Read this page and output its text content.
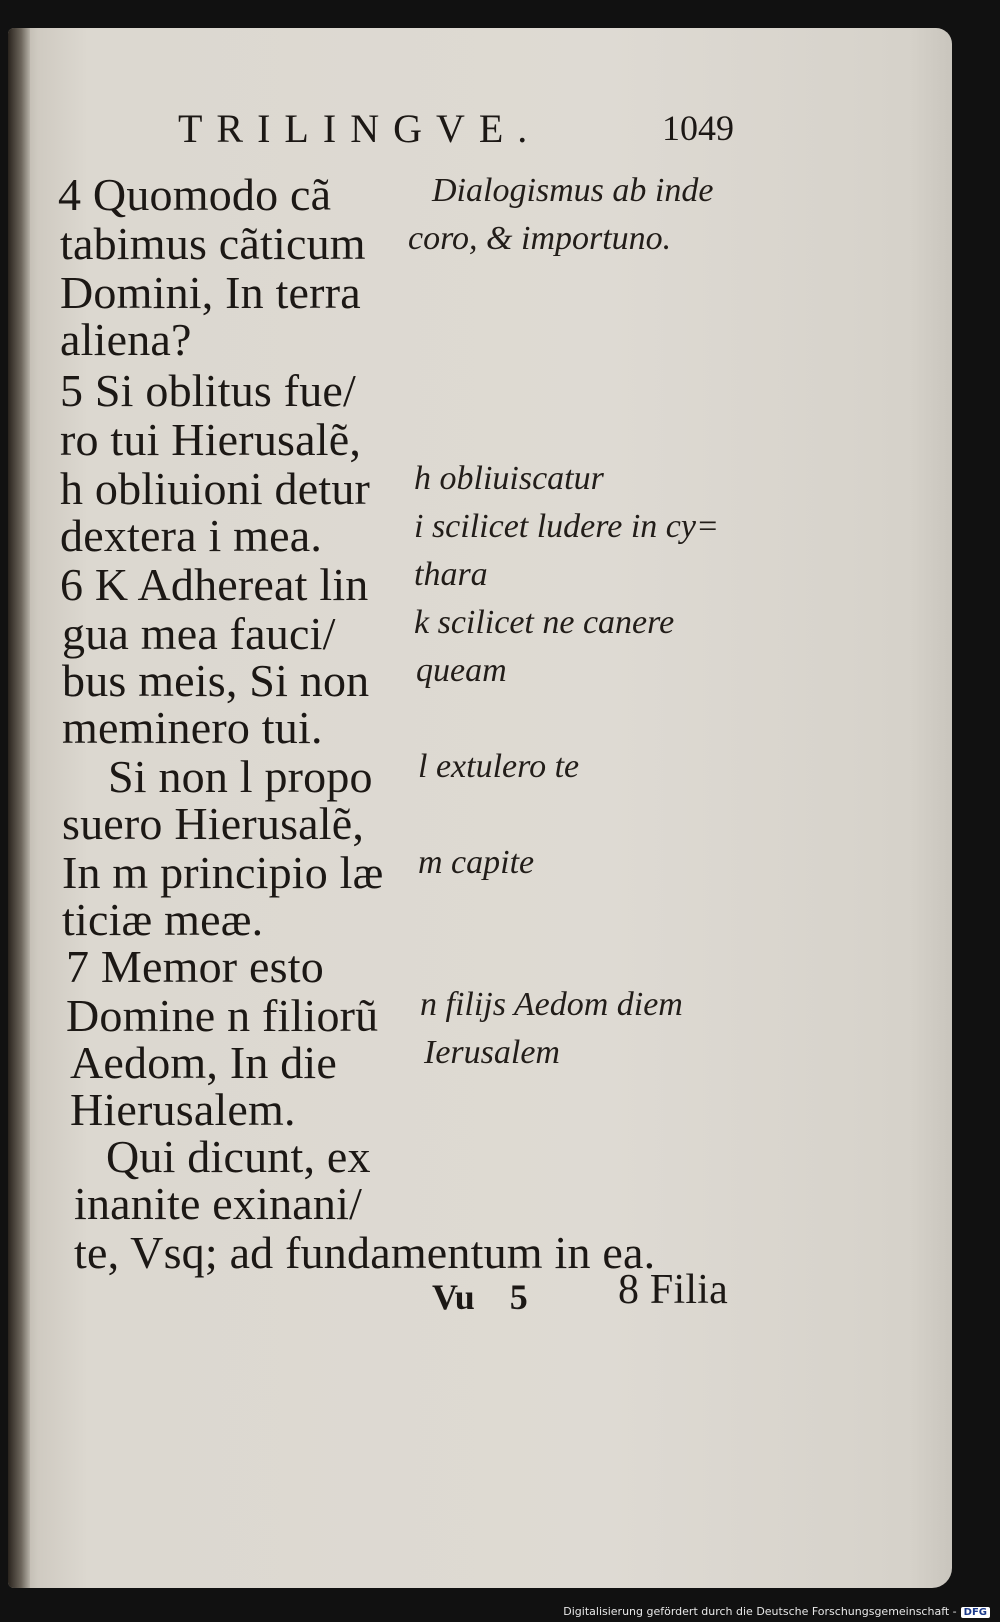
TRILINGVE.	1049
4 Quomodo cã
tabimus cãticum
Domini, In terra
aliena?
5 Si oblitus fue/
ro tui Hierusalẽ,
h obliuioni detur
dextera i mea.
6 K Adhereat lin
gua mea fauci/
bus meis, Si non
meminero tui.
Si non l propo
suero Hierusalẽ,
In m principio læ
ticiæ meæ.
7 Memor esto
Domine n filiorũ
Aedom, In die
Hierusalem.
Qui dicunt, ex
inanite exinani/
te, Vsq; ad fundamentum in ea.
Dialogismus ab inde
coro, & importuno.
h obliuiscatur
i scilicet ludere in cy=
thara
k scilicet ne canere
queam
l extulero te
m capite
n filijs Aedom diem
Ierusalem
Vu 5 8 Filia
Digitalisierung gefördert durch die Deutsche Forschungsgemeinschaft - DFG
